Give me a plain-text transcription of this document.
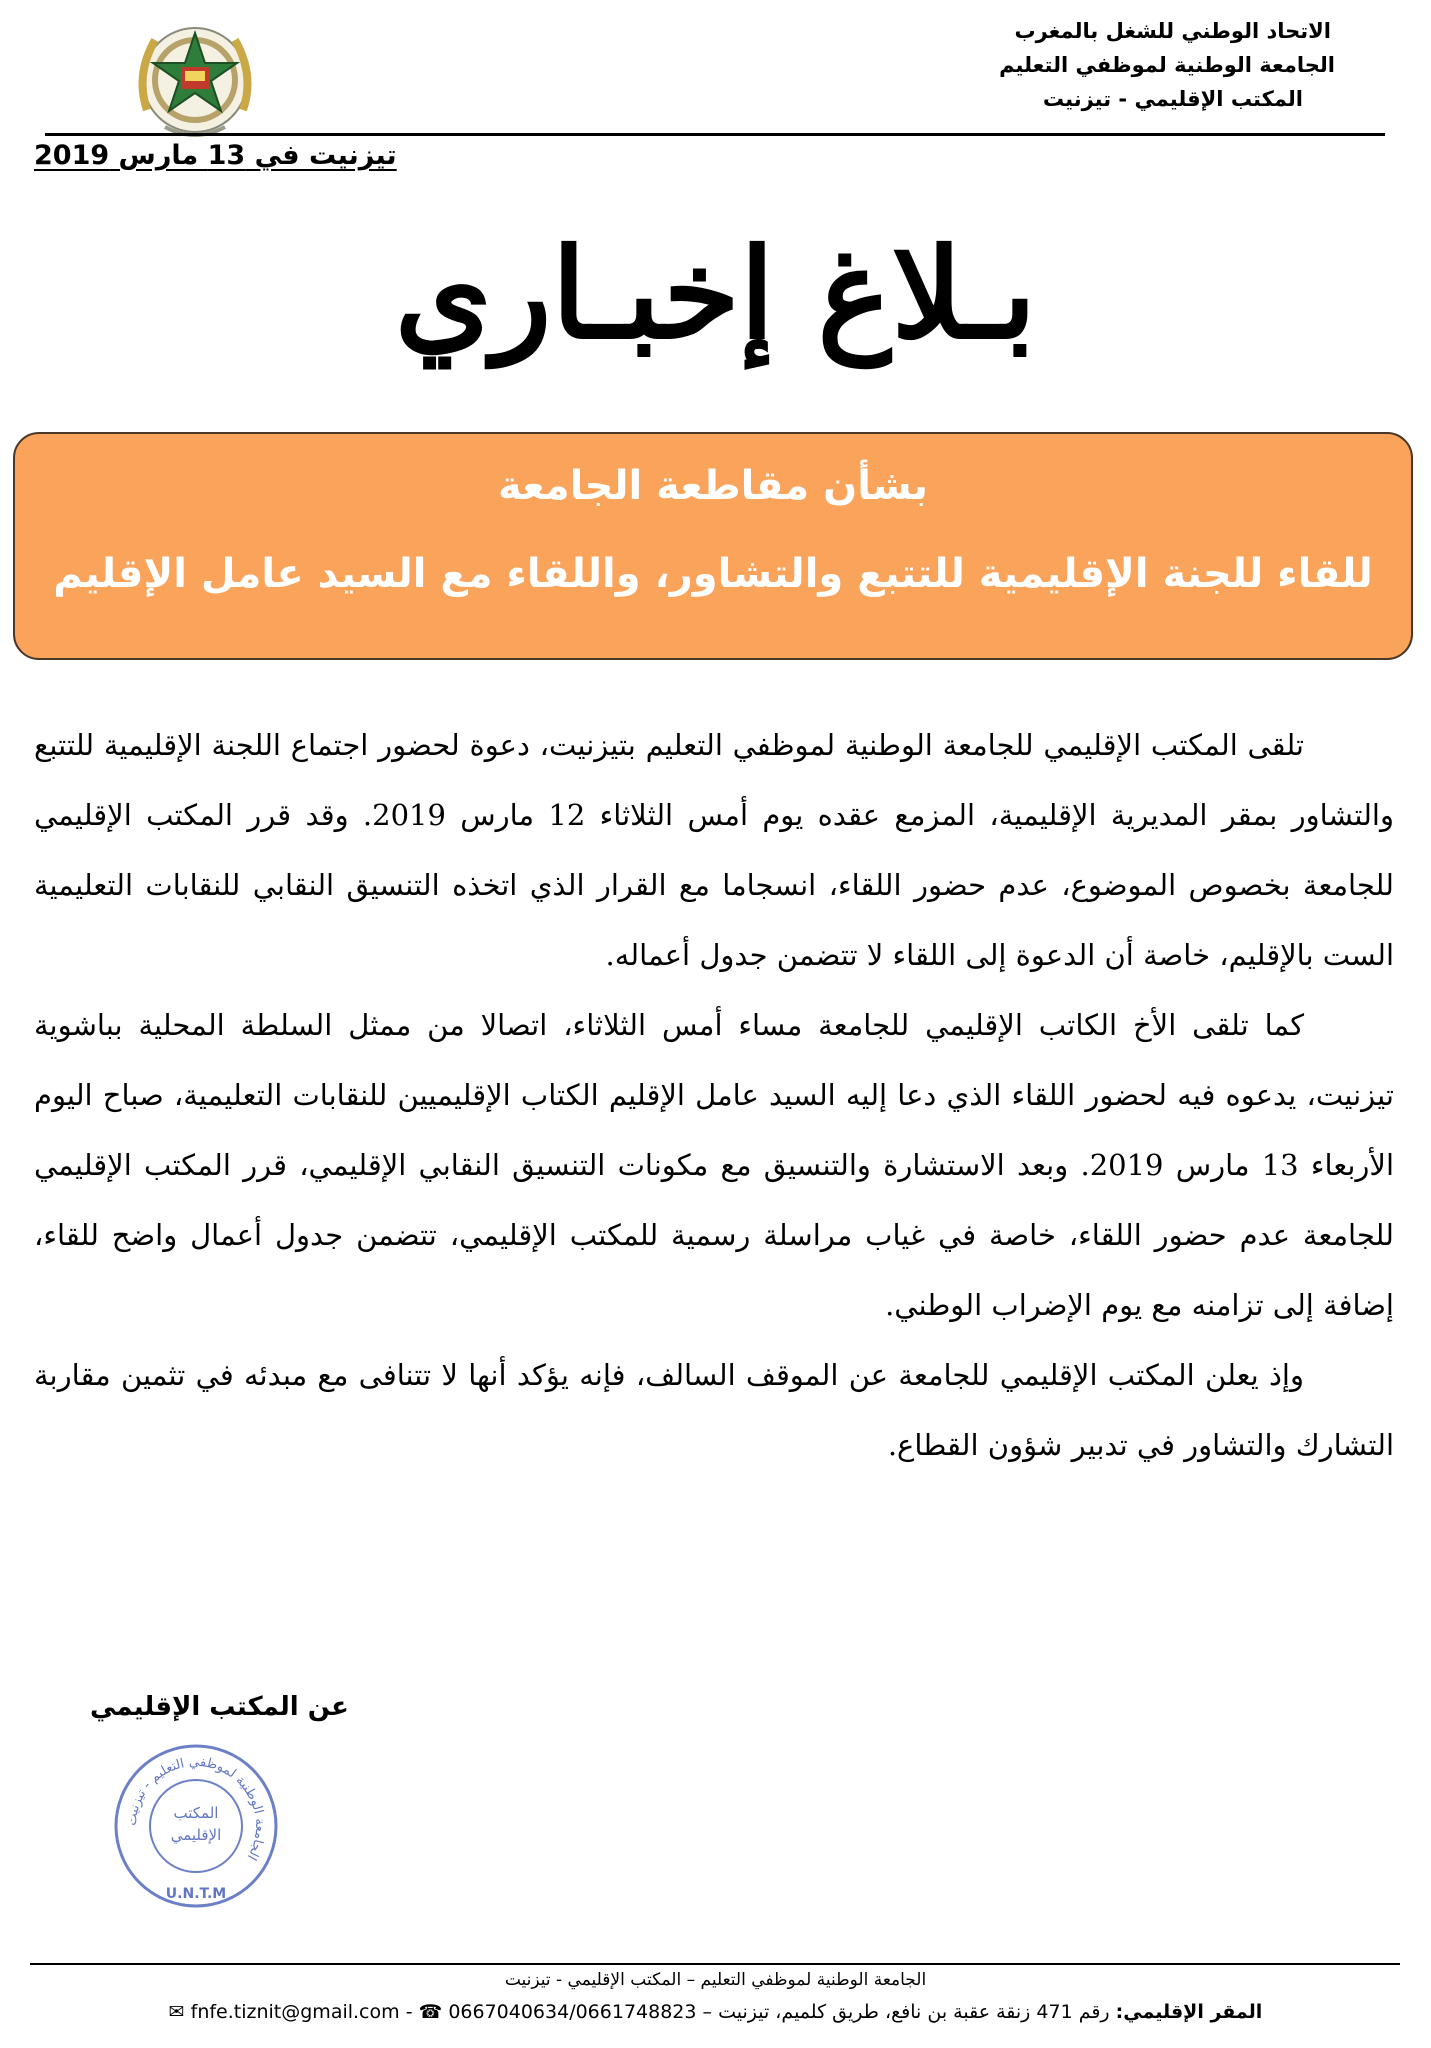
الاتحاد الوطني للشغل بالمغرب
الجامعة الوطنية لموظفي التعليم
المكتب الإقليمي - تيزنيت
تيزنيت في 13 مارس 2019
بـلاغ إخبـاري
بشأن مقاطعة الجامعة
للقاء للجنة الإقليمية للتتبع والتشاور، واللقاء مع السيد عامل الإقليم

تلقى المكتب الإقليمي للجامعة الوطنية لموظفي التعليم بتيزنيت، دعوة لحضور اجتماع اللجنة الإقليمية للتتبع والتشاور بمقر المديرية الإقليمية، المزمع عقده يوم أمس الثلاثاء 12 مارس 2019. وقد قرر المكتب الإقليمي للجامعة بخصوص الموضوع، عدم حضور اللقاء، انسجاما مع القرار الذي اتخذه التنسيق النقابي للنقابات التعليمية الست بالإقليم، خاصة أن الدعوة إلى اللقاء لا تتضمن جدول أعماله.

كما تلقى الأخ الكاتب الإقليمي للجامعة مساء أمس الثلاثاء، اتصالا من ممثل السلطة المحلية بباشوية تيزنيت، يدعوه فيه لحضور اللقاء الذي دعا إليه السيد عامل الإقليم الكتاب الإقليميين للنقابات التعليمية، صباح اليوم الأربعاء 13 مارس 2019. وبعد الاستشارة والتنسيق مع مكونات التنسيق النقابي الإقليمي، قرر المكتب الإقليمي للجامعة عدم حضور اللقاء، خاصة في غياب مراسلة رسمية للمكتب الإقليمي، تتضمن جدول أعمال واضح للقاء، إضافة إلى تزامنه مع يوم الإضراب الوطني.

وإذ يعلن المكتب الإقليمي للجامعة عن الموقف السالف، فإنه يؤكد أنها لا تتنافى مع مبدئه في تثمين مقاربة التشارك والتشاور في تدبير شؤون القطاع.

عن المكتب الإقليمي
الجامعة الوطنية لموظفي التعليم - تيزنيت
المكتب
الإقليمي
U.N.T.M
الجامعة الوطنية لموظفي التعليم – المكتب الإقليمي - تيزنيت
المقر الإقليمي: رقم 471 زنقة عقبة بن نافع، طريق كلميم، تيزنيت – 0667040634/0661748823 ☎ - fnfe.tiznit@gmail.com ✉
